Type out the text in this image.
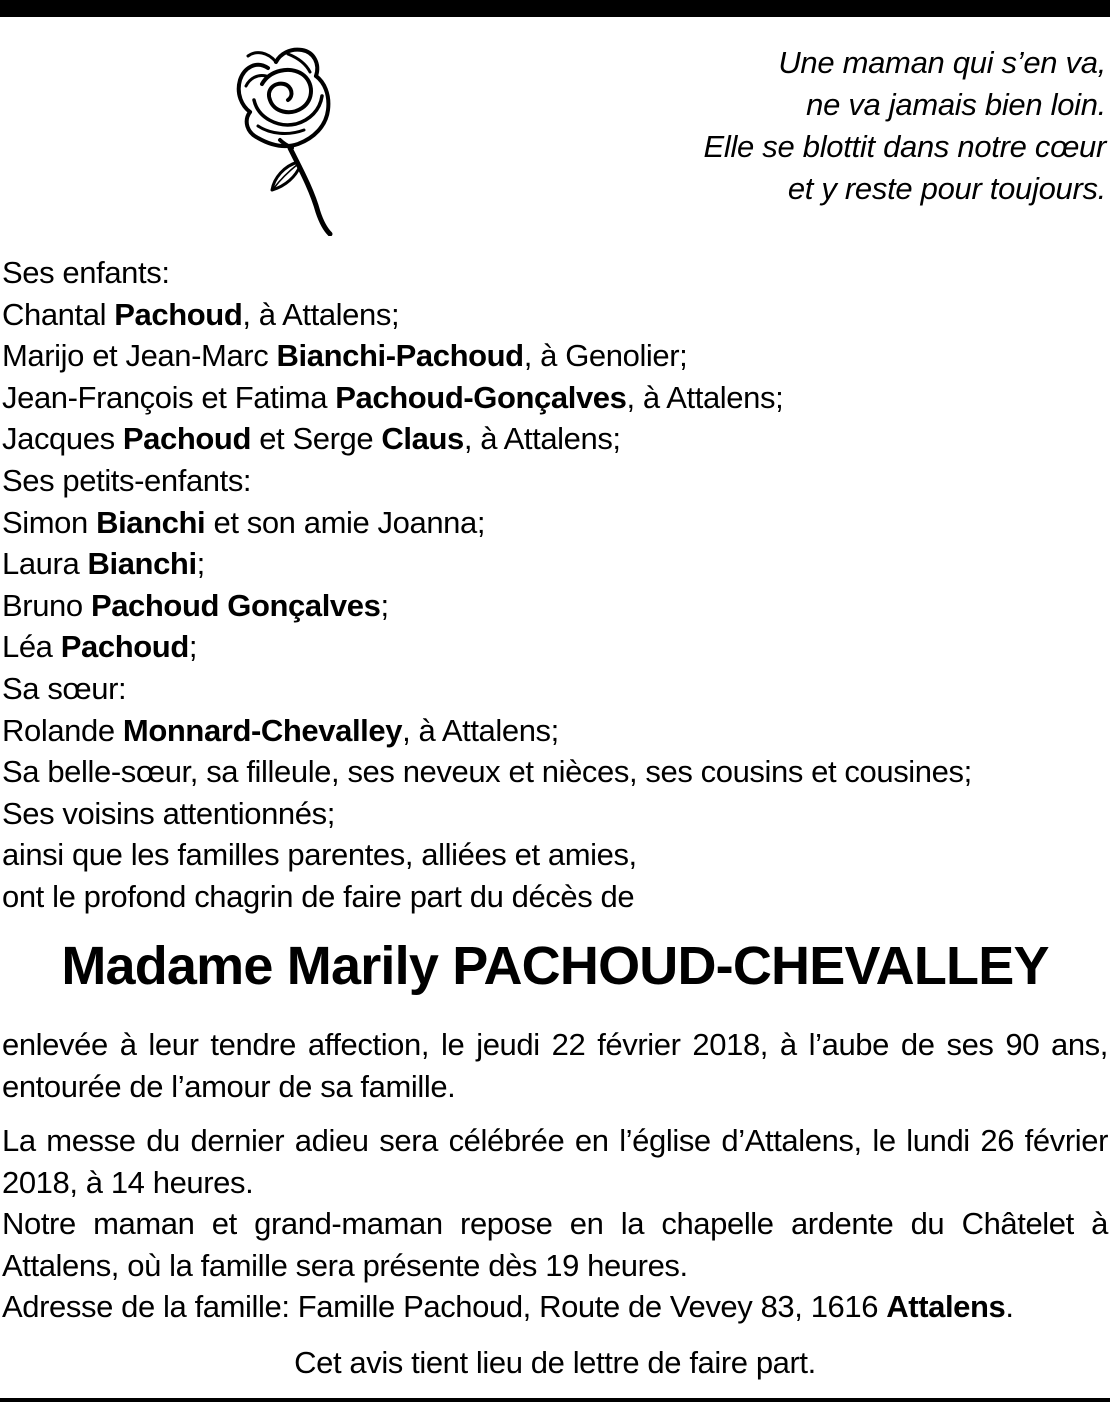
Une maman qui s’en va,
ne va jamais bien loin.
Elle se blottit dans notre cœur
et y reste pour toujours.
Ses enfants:
Chantal Pachoud, à Attalens;
Marijo et Jean-Marc Bianchi-Pachoud, à Genolier;
Jean-François et Fatima Pachoud-Gonçalves, à Attalens;
Jacques Pachoud et Serge Claus, à Attalens;
Ses petits-enfants:
Simon Bianchi et son amie Joanna;
Laura Bianchi;
Bruno Pachoud Gonçalves;
Léa Pachoud;
Sa sœur:
Rolande Monnard-Chevalley, à Attalens;
Sa belle-sœur, sa filleule, ses neveux et nièces, ses cousins et cousines;
Ses voisins attentionnés;
ainsi que les familles parentes, alliées et amies,
ont le profond chagrin de faire part du décès de
Madame Marily PACHOUD-CHEVALLEY
enlevée à leur tendre affection, le jeudi 22 février 2018, à l’aube de ses 90 ans, entourée de l’amour de sa famille.
La messe du dernier adieu sera célébrée en l’église d’Attalens, le lundi 26 février 2018, à 14 heures.
Notre maman et grand-maman repose en la chapelle ardente du Châtelet à Attalens, où la famille sera présente dès 19 heures.
Adresse de la famille: Famille Pachoud, Route de Vevey 83, 1616 Attalens.
Cet avis tient lieu de lettre de faire part.
